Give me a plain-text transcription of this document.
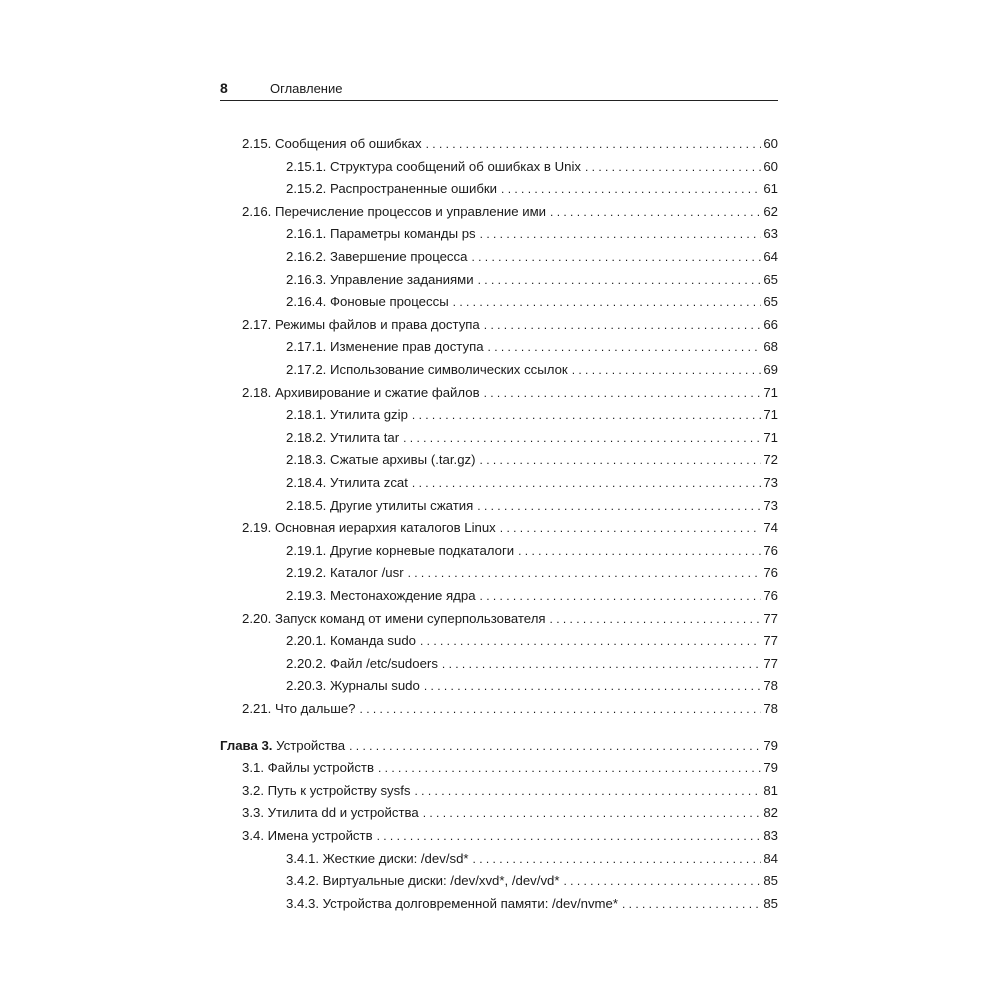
8	Оглавление
2.15. Сообщения об ошибках . . .	60
2.15.1. Структура сообщений об ошибках в Unix . . .	60
2.15.2. Распространенные ошибки . . .	61
2.16. Перечисление процессов и управление ими . . .	62
2.16.1. Параметры команды ps . . .	63
2.16.2. Завершение процесса . . .	64
2.16.3. Управление заданиями . . .	65
2.16.4. Фоновые процессы . . .	65
2.17. Режимы файлов и права доступа . . .	66
2.17.1. Изменение прав доступа . . .	68
2.17.2. Использование символических ссылок . . .	69
2.18. Архивирование и сжатие файлов . . .	71
2.18.1. Утилита gzip . . .	71
2.18.2. Утилита tar . . .	71
2.18.3. Сжатые архивы (.tar.gz) . . .	72
2.18.4. Утилита zcat . . .	73
2.18.5. Другие утилиты сжатия . . .	73
2.19. Основная иерархия каталогов Linux . . .	74
2.19.1. Другие корневые подкаталоги . . .	76
2.19.2. Каталог /usr . . .	76
2.19.3. Местонахождение ядра . . .	76
2.20. Запуск команд от имени суперпользователя . . .	77
2.20.1. Команда sudo . . .	77
2.20.2. Файл /etc/sudoers . . .	77
2.20.3. Журналы sudo . . .	78
2.21. Что дальше? . . .	78
Глава 3. Устройства . . .	79
3.1. Файлы устройств . . .	79
3.2. Путь к устройству sysfs . . .	81
3.3. Утилита dd и устройства . . .	82
3.4. Имена устройств . . .	83
3.4.1. Жесткие диски: /dev/sd* . . .	84
3.4.2. Виртуальные диски: /dev/xvd*, /dev/vd* . . .	85
3.4.3. Устройства долговременной памяти: /dev/nvme* . . .	85
